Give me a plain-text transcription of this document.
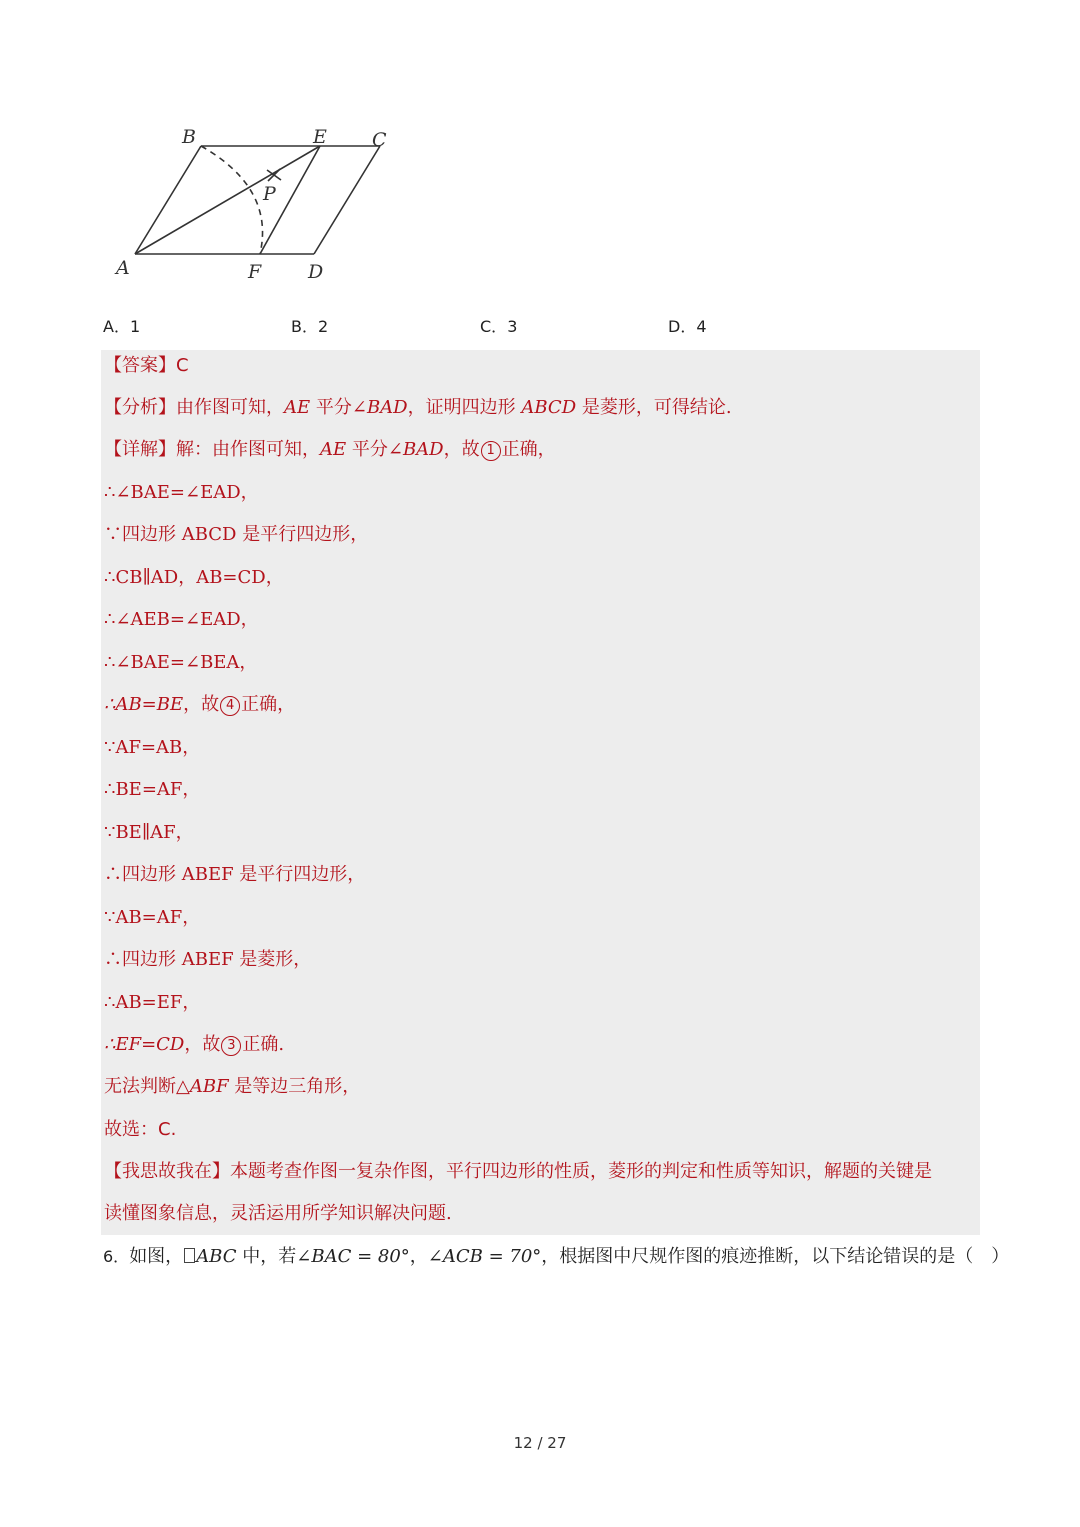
B	E C
P
A	F D
A．1	B．2	C．3	D．4
【答案】C
【分析】由作图可知，AE 平分∠BAD，证明四边形 ABCD 是菱形，可得结论.
【详解】解：由作图可知，AE 平分∠BAD，故 1 正确，
∴∠BAE=∠EAD，
∵四边形 ABCD 是平行四边形，
∴CB∥AD，AB=CD，
∴∠AEB=∠EAD，
∴∠BAE=∠BEA，
∴AB=BE，故 4 正确，
∵AF=AB，
∴BE=AF，
∵BE∥AF，
∴四边形 ABEF 是平行四边形，
∵AB=AF，
∴四边形 ABEF 是菱形，
∴AB=EF，
∴EF=CD，故 3 正确.
无法判断△ABF 是等边三角形，
故选：C.
【我思故我在】本题考查作图一复杂作图，平行四边形的性质，菱形的判定和性质等知识，解题的关键是
读懂图象信息，灵活运用所学知识解决问题.
6．如图， ABC 中，若∠BAC = 80°，∠ACB = 70°，根据图中尺规作图的痕迹推断，以下结论错误的是（　）
12 / 27
